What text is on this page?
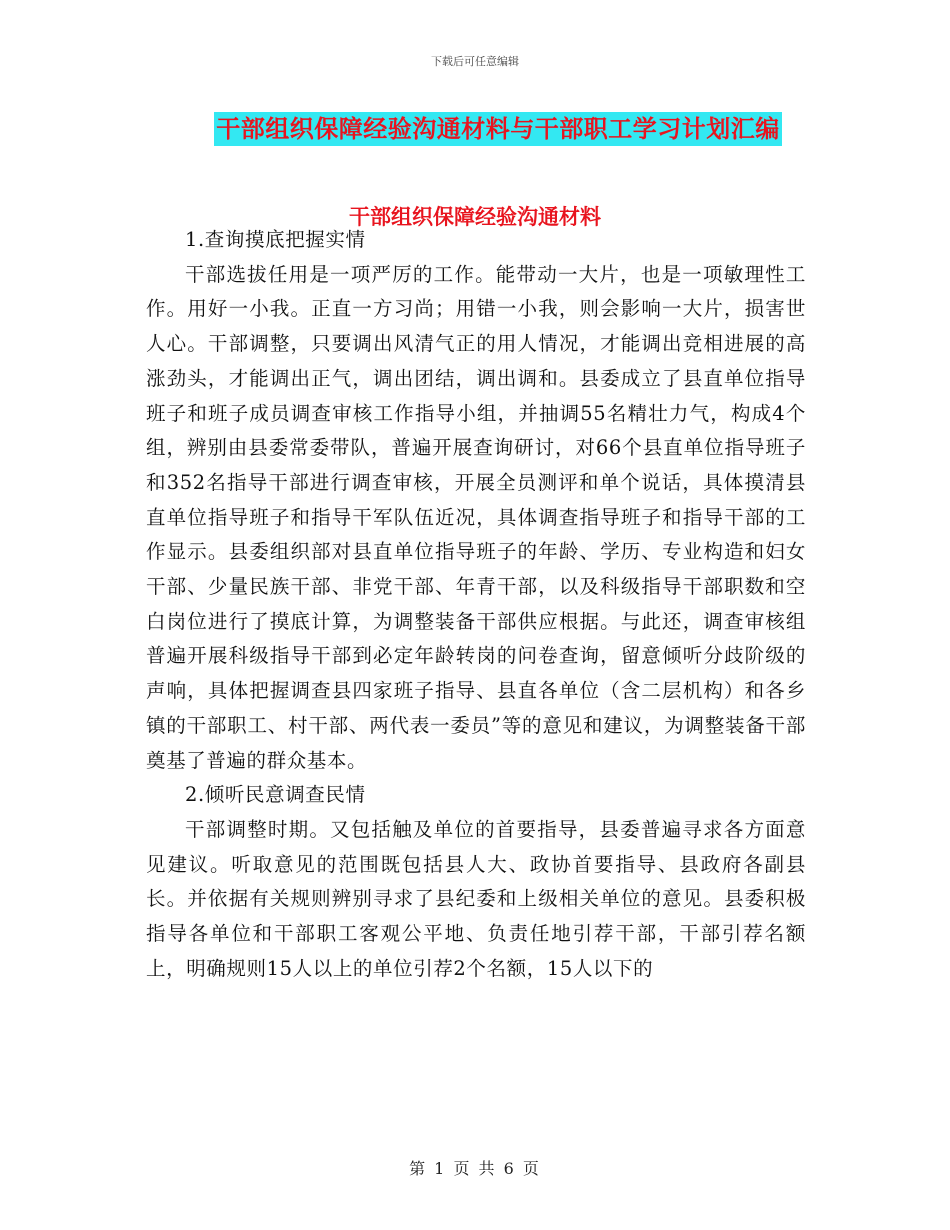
下载后可任意编辑
干部组织保障经验沟通材料与干部职工学习计划汇编
干部组织保障经验沟通材料

1.查询摸底把握实情

干部选拔任用是一项严厉的工作。能带动一大片，也是一项敏理性工作。用好一小我。正直一方习尚；用错一小我，则会影响一大片，损害世人心。干部调整，只要调出风清气正的用人情况，才能调出竞相进展的高涨劲头，才能调出正气，调出团结，调出调和。县委成立了县直单位指导班子和班子成员调查审核工作指导小组，并抽调55名精壮力气，构成4个组，辨别由县委常委带队，普遍开展查询研讨，对66个县直单位指导班子和352名指导干部进行调查审核，开展全员测评和单个说话，具体摸清县直单位指导班子和指导干军队伍近况，具体调查指导班子和指导干部的工作显示。县委组织部对县直单位指导班子的年龄、学历、专业构造和妇女干部、少量民族干部、非党干部、年青干部，以及科级指导干部职数和空白岗位进行了摸底计算，为调整装备干部供应根据。与此还，调查审核组普遍开展科级指导干部到必定年龄转岗的问卷查询，留意倾听分歧阶级的声响，具体把握调查县四家班子指导、县直各单位（含二层机构）和各乡镇的干部职工、村干部、两代表一委员”等的意见和建议，为调整装备干部奠基了普遍的群众基本。

2.倾听民意调查民情

干部调整时期。又包括触及单位的首要指导，县委普遍寻求各方面意见建议。听取意见的范围既包括县人大、政协首要指导、县政府各副县长。并依据有关规则辨别寻求了县纪委和上级相关单位的意见。县委积极指导各单位和干部职工客观公平地、负责任地引荐干部，干部引荐名额上，明确规则15人以上的单位引荐2个名额，15人以下的

第 1 页 共 6 页
